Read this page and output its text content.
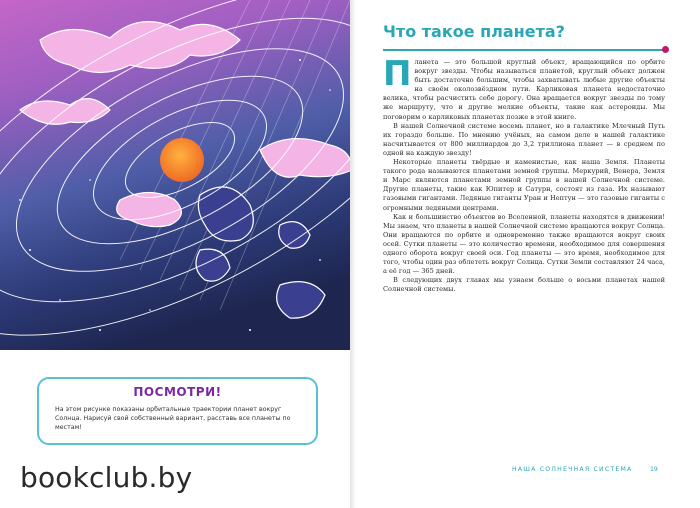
ПОСМОТРИ!
На этом рисунке показаны орбитальные траектории планет вокруг Солнца. Нарисуй свой собственный вариант, расставь все планеты по местам!
bookclub.by
Что такое планета?

Планета — это большой круглый объект, вращающийся по орбите вокруг звезды. Чтобы называться планетой, круглый объект должен быть достаточно большим, чтобы захватывать любые другие объекты на своём околозвёздном пути. Карликовая планета недостаточно велика, чтобы расчистить себе дорогу. Она вращается вокруг звезды по тому же маршруту, что и другие мелкие объекты, такие как астероиды. Мы поговорим о карликовых планетах позже в этой книге.

В нашей Солнечной системе восемь планет, но в галактике Млечный Путь их гораздо больше. По мнению учёных, на самом деле в нашей галактике насчитывается от 800 миллиардов до 3,2 триллиона планет — в среднем по одной на каждую звезду!

Некоторые планеты твёрдые и каменистые, как наша Земля. Планеты такого рода называются планетами земной группы. Меркурий, Венера, Земля и Марс являются планетами земной группы в нашей Солнечной системе. Другие планеты, такие как Юпитер и Сатурн, состоят из газа. Их называют газовыми гигантами. Ледяные гиганты Уран и Нептун — это газовые гиганты с огромными ледяными центрами.

Как и большинство объектов во Вселенной, планеты находятся в движении! Мы знаем, что планеты в нашей Солнечной системе вращаются вокруг Солнца. Они вращаются по орбите и одновременно также вращаются вокруг своих осей. Сутки планеты — это количество времени, необходимое для совершения одного оборота вокруг своей оси. Год планеты — это время, необходимое для того, чтобы один раз облететь вокруг Солнца. Сутки Земли составляют 24 часа, а её год — 365 дней.

В следующих двух главах мы узнаем больше о восьми планетах нашей Солнечной системы.

НАША СОЛНЕЧНАЯ СИСТЕМА	19
